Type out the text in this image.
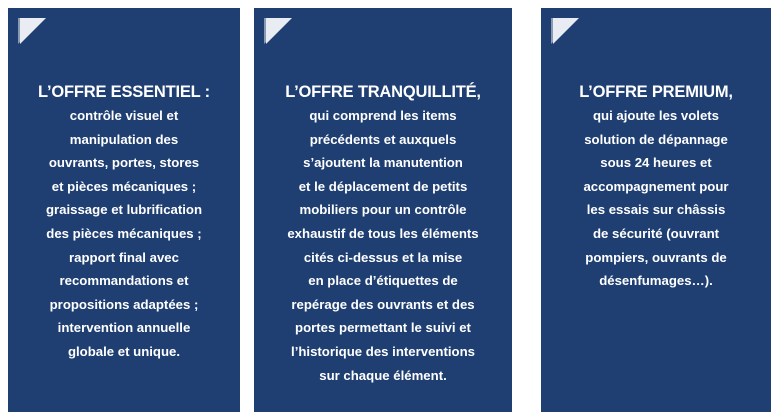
L’OFFRE ESSENTIEL :
contrôle visuel et
manipulation des
ouvrants, portes, stores
et pièces mécaniques ;
graissage et lubrification
des pièces mécaniques ;
rapport final avec
recommandations et
propositions adaptées ;
intervention annuelle
globale et unique.
L’OFFRE TRANQUILLITÉ,
qui comprend les items
précédents et auxquels
s’ajoutent la manutention
et le déplacement de petits
mobiliers pour un contrôle
exhaustif de tous les éléments
cités ci-dessus et la mise
en place d’étiquettes de
repérage des ouvrants et des
portes permettant le suivi et
l’historique des interventions
sur chaque élément.
L’OFFRE PREMIUM,
qui ajoute les volets
solution de dépannage
sous 24 heures et
accompagnement pour
les essais sur châssis
de sécurité (ouvrant
pompiers, ouvrants de
désenfumages…).
